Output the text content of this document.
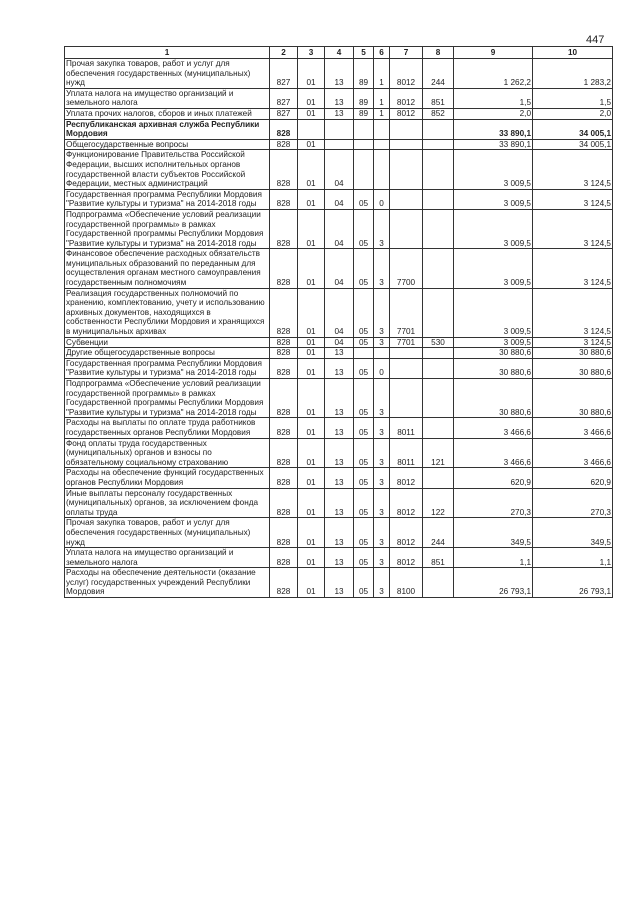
447
1	2	3	4	5	6	7	8	9	10
Прочая закупка товаров, работ и услуг для обеспечения государственных (муниципальных) нужд	827	01	13	89	1	8012	244	1 262,2	1 283,2
Уплата налога на имущество организаций и земельного налога	827	01	13	89	1	8012	851	1,5	1,5
Уплата прочих налогов, сборов и иных платежей	827	01	13	89	1	8012	852	2,0	2,0
Республиканская архивная служба Республики Мордовия	828							33 890,1	34 005,1
Общегосударственные вопросы	828	01						33 890,1	34 005,1
Функционирование Правительства Российской Федерации, высших исполнительных органов государственной власти субъектов Российской Федерации, местных администраций	828	01	04					3 009,5	3 124,5
Государственная программа Республики Мордовия "Развитие культуры и туризма" на 2014-2018 годы	828	01	04	05	0			3 009,5	3 124,5
Подпрограмма «Обеспечение условий реализации государственной программы» в рамках Государственной программы Республики Мордовия "Развитие культуры и туризма" на 2014-2018 годы	828	01	04	05	3			3 009,5	3 124,5
Финансовое обеспечение расходных обязательств муниципальных образований по переданным для осуществления органам местного самоуправления государственным полномочиям	828	01	04	05	3	7700		3 009,5	3 124,5
Реализация государственных полномочий по хранению, комплектованию, учету и использованию архивных документов, находящихся в собственности Республики Мордовия и хранящихся в муниципальных архивах	828	01	04	05	3	7701		3 009,5	3 124,5
Субвенции	828	01	04	05	3	7701	530	3 009,5	3 124,5
Другие общегосударственные вопросы	828	01	13					30 880,6	30 880,6
Государственная программа Республики Мордовия "Развитие культуры и туризма" на 2014-2018 годы	828	01	13	05	0			30 880,6	30 880,6
Подпрограмма «Обеспечение условий реализации государственной программы» в рамках Государственной программы Республики Мордовия "Развитие культуры и туризма" на 2014-2018 годы	828	01	13	05	3			30 880,6	30 880,6
Расходы на выплаты по оплате труда работников государственных органов Республики Мордовия	828	01	13	05	3	8011		3 466,6	3 466,6
Фонд оплаты труда государственных (муниципальных) органов и взносы по обязательному социальному страхованию	828	01	13	05	3	8011	121	3 466,6	3 466,6
Расходы на обеспечение функций государственных органов Республики Мордовия	828	01	13	05	3	8012		620,9	620,9
Иные выплаты персоналу государственных (муниципальных) органов, за исключением фонда оплаты труда	828	01	13	05	3	8012	122	270,3	270,3
Прочая закупка товаров, работ и услуг для обеспечения государственных (муниципальных) нужд	828	01	13	05	3	8012	244	349,5	349,5
Уплата налога на имущество организаций и земельного налога	828	01	13	05	3	8012	851	1,1	1,1
Расходы на обеспечение деятельности (оказание услуг) государственных учреждений Республики Мордовия	828	01	13	05	3	8100		26 793,1	26 793,1
